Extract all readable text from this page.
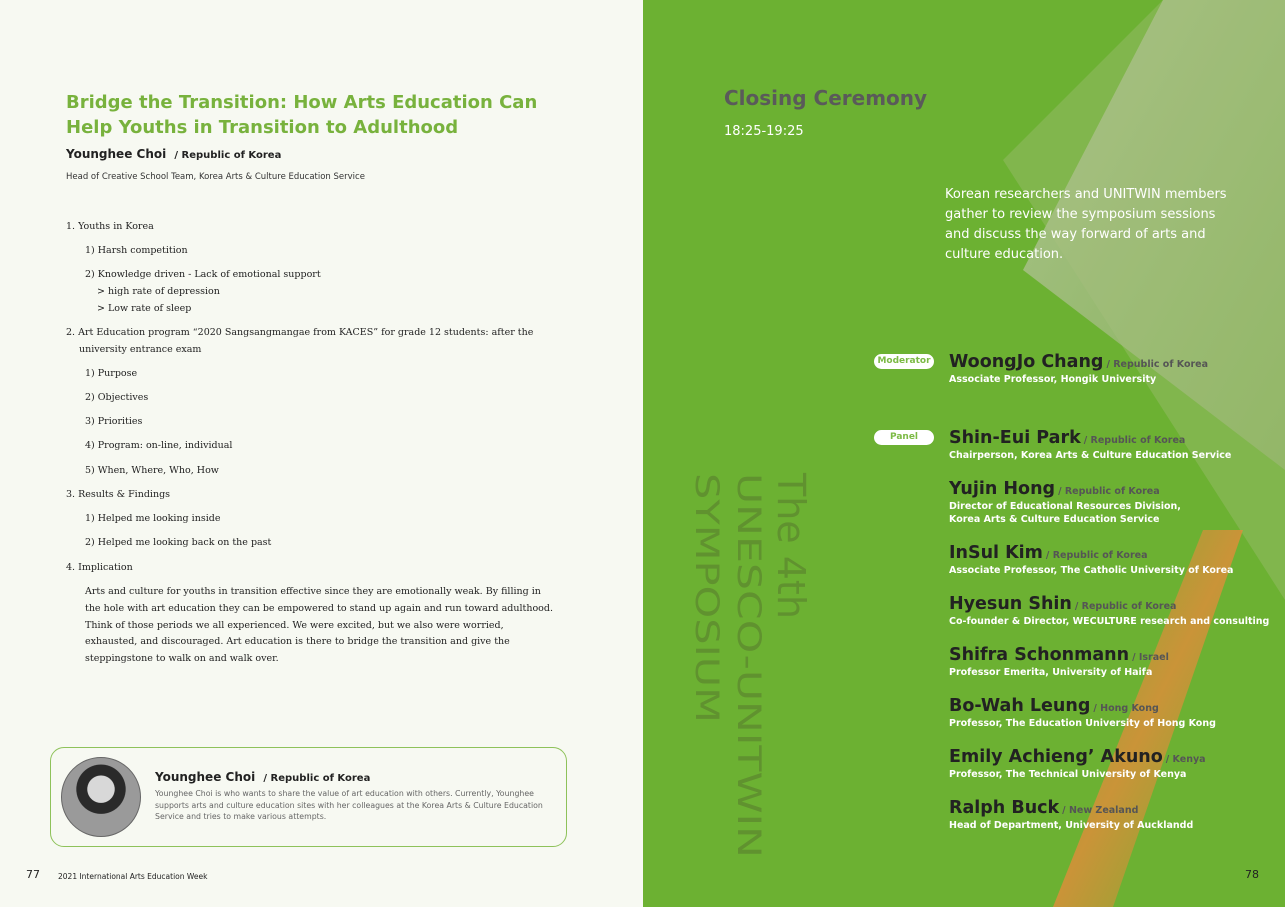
Bridge the Transition: How Arts Education Can Help Youths in Transition to Adulthood
Younghee Choi / Republic of Korea
Head of Creative School Team, Korea Arts & Culture Education Service
1. Youths in Korea
1) Harsh competition
2) Knowledge driven - Lack of emotional support
> high rate of depression
> Low rate of sleep
2. Art Education program “2020 Sangsangmangae from KACES” for grade 12 students: after the
university entrance exam
1) Purpose
2) Objectives
3) Priorities
4) Program: on-line, individual
5) When, Where, Who, How
3. Results & Findings
1) Helped me looking inside
2) Helped me looking back on the past
4. Implication

Arts and culture for youths in transition effective since they are emotionally weak. By filling in the hole with art education they can be empowered to stand up again and run toward adulthood. Think of those periods we all experienced. We were excited, but we also were worried, exhausted, and discouraged. Art education is there to bridge the transition and give the steppingstone to walk on and walk over.

Younghee Choi / Republic of Korea

Younghee Choi is who wants to share the value of art education with others. Currently, Younghee supports arts and culture education sites with her colleagues at the Korea Arts & Culture Education Service and tries to make various attempts.

77 2021 International Arts Education Week
The 4th
UNESCO-UNITWIN
SYMPOSIUM
Closing Ceremony
18:25-19:25

Korean researchers and UNITWIN members gather to review the symposium sessions and discuss the way forward of arts and culture education.

Moderator
Panel
WoongJo Chang / Republic of Korea
Associate Professor, Hongik University
Shin-Eui Park / Republic of Korea
Chairperson, Korea Arts & Culture Education Service
Yujin Hong / Republic of Korea
Director of Educational Resources Division,
Korea Arts & Culture Education Service
InSul Kim / Republic of Korea
Associate Professor, The Catholic University of Korea
Hyesun Shin / Republic of Korea
Co-founder & Director, WECULTURE research and consulting
Shifra Schonmann / Israel
Professor Emerita, University of Haifa
Bo-Wah Leung / Hong Kong
Professor, The Education University of Hong Kong
Emily Achieng’ Akuno / Kenya
Professor, The Technical University of Kenya
Ralph Buck / New Zealand
Head of Department, University of Aucklandd
78
